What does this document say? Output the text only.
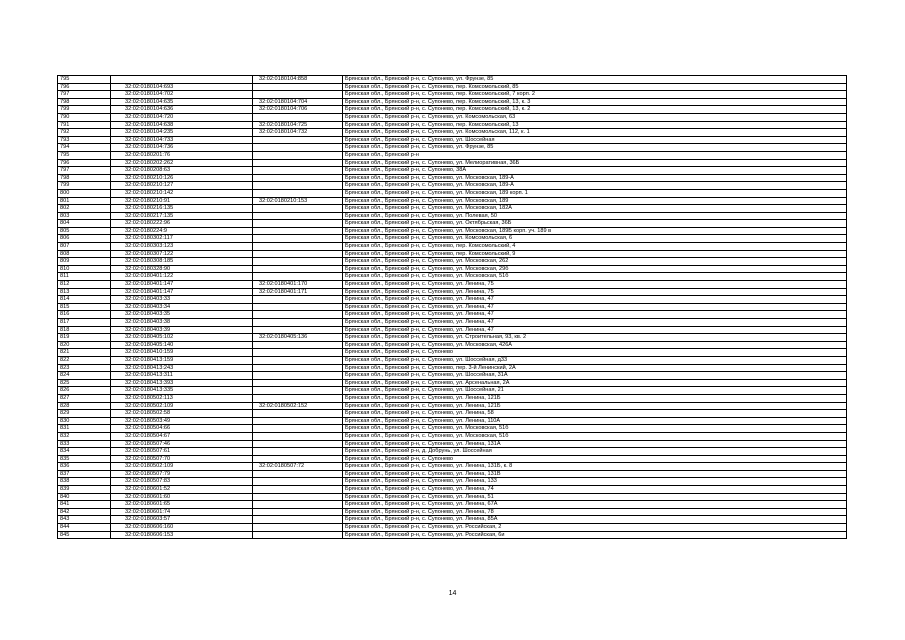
795		32:02:0180104:858	Брянская обл., Брянский р-н, с. Супонево, ул. Фрунзе, 85
796	32:02:0180104:693		Брянская обл., Брянский р-н, с. Супонево, пер. Комсомольский, 85
797	32:02:0180104:702		Брянская обл., Брянский р-н, с. Супонево, пер. Комсомольский, 7 корп. 2
798	32:02:0180104:635	32:02:0180104:704	Брянская обл., Брянский р-н, с. Супонево, пер. Комсомольский, 13, к. 3
799	32:02:0180104:636	32:02:0180104:706	Брянская обл., Брянский р-н, с. Супонево, пер. Комсомольский, 13, к. 2
790	32:02:0180104:720		Брянская обл., Брянский р-н, с. Супонево, ул. Комсомольская, 63
791	32:02:0180104:638	32:02:0180104:725	Брянская обл., Брянский р-н, с. Супонево, пер. Комсомольский, 13
792	32:02:0180104:235	32:02:0180104:732	Брянская обл., Брянский р-н, с. Супонево, ул. Комсомольская, 112, к. 1
793	32:02:0180104:733		Брянская обл., Брянский р-н, с. Супонево, ул. Шоссейная
794	32:02:0180104:736		Брянская обл., Брянский р-н, с. Супонево, ул. Фрунзе, 85
795	32:02:0180201:76		Брянская обл., Брянский р-н
796	32:02:0180202:262		Брянская обл., Брянский р-н, с. Супонево, ул. Мелиоративная, 36Б
797	32:02:0180208:63		Брянская обл., Брянский р-н, с. Супонево, 38А
798	32:02:0180210:126		Брянская обл., Брянский р-н, с. Супонево, ул. Московская, 189-А
799	32:02:0180210:127		Брянская обл., Брянский р-н, с. Супонево, ул. Московская, 189-А
800	32:02:0180210:142		Брянская обл., Брянский р-н, с. Супонево, ул. Московская, 189 корп. 1
801	32:02:0180210:91	32:02:0180210:153	Брянская обл., Брянский р-н, с. Супонево, ул. Московская, 189
802	32:02:0180216:135		Брянская обл., Брянский р-н, с. Супонево, ул. Московская, 182А
803	32:02:0180217:135		Брянская обл., Брянский р-н, с. Супонево, ул. Полевая, 50
804	32:02:0180222:96		Брянская обл., Брянский р-н, с. Супонево, ул. Октябрьская, 36Б
805	32:02:0180224:9		Брянская обл., Брянский р-н, с. Супонево, ул. Московская, 189Б корп. уч. 189 в
806	32:02:0180302:117		Брянская обл., Брянский р-н, с. Супонево, ул. Комсомольская, 6
807	32:02:0180303:123		Брянская обл., Брянский р-н, с. Супонево, пер. Комсомольский, 4
808	32:02:0180307:122		Брянская обл., Брянский р-н, с. Супонево, пер. Комсомольский, 9
809	32:02:0180308:185		Брянская обл., Брянский р-н, с. Супонево, ул. Московская, 262
810	32:02:0180328:90		Брянская обл., Брянский р-н, с. Супонево, ул. Московская, 29б
811	32:02:0180401:122		Брянская обл., Брянский р-н, с. Супонево, ул. Московская, 51б
812	32:02:0180401:147	32:02:0180401:170	Брянская обл., Брянский р-н, с. Супонево, ул. Ленина, 75
813	32:02:0180401:147	32:02:0180401:171	Брянская обл., Брянский р-н, с. Супонево, ул. Ленина, 75
814	32:02:0180403:33		Брянская обл., Брянский р-н, с. Супонево, ул. Ленина, 47
815	32:02:0180403:34		Брянская обл., Брянский р-н, с. Супонево, ул. Ленина, 47
816	32:02:0180403:35		Брянская обл., Брянский р-н, с. Супонево, ул. Ленина, 47
817	32:02:0180403:38		Брянская обл., Брянский р-н, с. Супонево, ул. Ленина, 47
818	32:02:0180403:39		Брянская обл., Брянский р-н, с. Супонево, ул. Ленина, 47
819	32:02:0180405:102	32:02:0180405:136	Брянская обл., Брянский р-н, с. Супонево, ул. Строительная, 93, кв. 2
820	32:02:0180405:140		Брянская обл., Брянский р-н, с. Супонево, ул. Московская, 426А
821	32:02:0180410:159		Брянская обл., Брянский р-н, с. Супонево
822	32:02:0180413:159		Брянская обл., Брянский р-н, с. Супонево, ул. Шоссейная, д33
823	32:02:0180413:243		Брянская обл., Брянский р-н, с. Супонево, пер. 3-й Ленинский, 2А
824	32:02:0180413:311		Брянская обл., Брянский р-н, с. Супонево, ул. Шоссейная, 31А
825	32:02:0180413:393		Брянская обл., Брянский р-н, с. Супонево, ул. Арсенальная, 2А
826	32:02:0180413:335		Брянская обл., Брянский р-н, с. Супонево, ул. Шоссейная, 21
827	32:02:0180502:113		Брянская обл., Брянский р-н, с. Супонево, ул. Ленина, 121Б
828	32:02:0180502:109	32:02:0180502:152	Брянская обл., Брянский р-н, с. Супонево, ул. Ленина, 121Б
829	32:02:0180502:58		Брянская обл., Брянский р-н, с. Супонево, ул. Ленина, 58
830	32:02:0180503:49		Брянская обл., Брянский р-н, с. Супонево, ул. Ленина, 110А
831	32:02:0180504:66		Брянская обл., Брянский р-н, с. Супонево, ул. Московская, 51б
832	32:02:0180504:67		Брянская обл., Брянский р-н, с. Супонево, ул. Московская, 51б
833	32:02:0180507:46		Брянская обл., Брянский р-н, с. Супонево, ул. Ленина, 131А
834	32:02:0180507:61		Брянская обл., Брянский р-н, д. Добрунь, ул. Шоссейная
835	32:02:0180507:70		Брянская обл., Брянский р-н, с. Супонево
836	32:02:0180502:109	32:02:0180507:72	Брянская обл., Брянский р-н, с. Супонево, ул. Ленина, 131Б, к. 8
837	32:02:0180507:79		Брянская обл., Брянский р-н, с. Супонево, ул. Ленина, 131В
838	32:02:0180507:83		Брянская обл., Брянский р-н, с. Супонево, ул. Ленина, 133
839	32:02:0180601:52		Брянская обл., Брянский р-н, с. Супонево, ул. Ленина, 74
840	32:02:0180601:60		Брянская обл., Брянский р-н, с. Супонево, ул. Ленина, 51
841	32:02:0180601:65		Брянская обл., Брянский р-н, с. Супонево, ул. Ленина, 67А
842	32:02:0180601:74		Брянская обл., Брянский р-н, с. Супонево, ул. Ленина, 78
843	32:02:0180603:57		Брянская обл., Брянский р-н, с. Супонево, ул. Ленина, 85А
844	32:02:0180606:160		Брянская обл., Брянский р-н, с. Супонево, ул. Российская, 2
845	32:02:0180606:153		Брянская обл., Брянский р-н, с. Супонево, ул. Российская, 6и
14
